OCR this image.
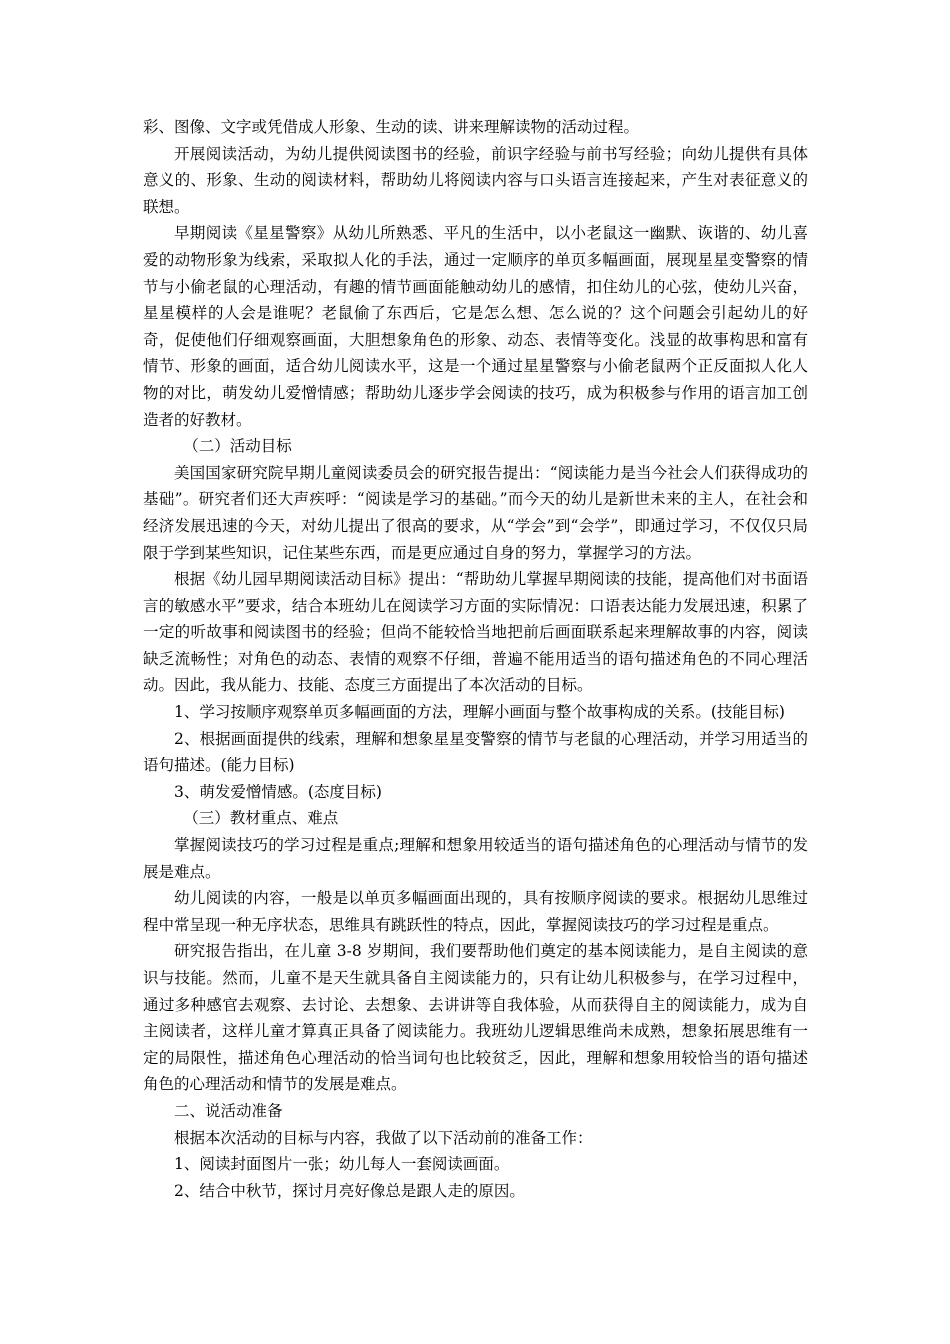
彩、图像、文字或凭借成人形象、生动的读、讲来理解读物的活动过程。

开展阅读活动，为幼儿提供阅读图书的经验，前识字经验与前书写经验；向幼儿提供有具体意义的、形象、生动的阅读材料，帮助幼儿将阅读内容与口头语言连接起来，产生对表征意义的联想。

早期阅读《星星警察》从幼儿所熟悉、平凡的生活中，以小老鼠这一幽默、诙谐的、幼儿喜爱的动物形象为线索，采取拟人化的手法，通过一定顺序的单页多幅画面，展现星星变警察的情节与小偷老鼠的心理活动，有趣的情节画面能触动幼儿的感情，扣住幼儿的心弦，使幼儿兴奋，星星模样的人会是谁呢？老鼠偷了东西后，它是怎么想、怎么说的？这个问题会引起幼儿的好奇，促使他们仔细观察画面，大胆想象角色的形象、动态、表情等变化。浅显的故事构思和富有情节、形象的画面，适合幼儿阅读水平，这是一个通过星星警察与小偷老鼠两个正反面拟人化人物的对比，萌发幼儿爱憎情感；帮助幼儿逐步学会阅读的技巧，成为积极参与作用的语言加工创造者的好教材。

（二）活动目标

美国国家研究院早期儿童阅读委员会的研究报告提出：“阅读能力是当今社会人们获得成功的基础”。研究者们还大声疾呼：“阅读是学习的基础。”而今天的幼儿是新世未来的主人，在社会和经济发展迅速的今天，对幼儿提出了很高的要求，从“学会”到“会学”，即通过学习，不仅仅只局限于学到某些知识，记住某些东西，而是更应通过自身的努力，掌握学习的方法。

根据《幼儿园早期阅读活动目标》提出：“帮助幼儿掌握早期阅读的技能，提高他们对书面语言的敏感水平”要求，结合本班幼儿在阅读学习方面的实际情况：口语表达能力发展迅速，积累了一定的听故事和阅读图书的经验；但尚不能较恰当地把前后画面联系起来理解故事的内容，阅读缺乏流畅性；对角色的动态、表情的观察不仔细，普遍不能用适当的语句描述角色的不同心理活动。因此，我从能力、技能、态度三方面提出了本次活动的目标。

1、学习按顺序观察单页多幅画面的方法，理解小画面与整个故事构成的关系。(技能目标)

2、根据画面提供的线索，理解和想象星星变警察的情节与老鼠的心理活动，并学习用适当的语句描述。(能力目标)

3、萌发爱憎情感。(态度目标)

（三）教材重点、难点

掌握阅读技巧的学习过程是重点;理解和想象用较适当的语句描述角色的心理活动与情节的发展是难点。

幼儿阅读的内容，一般是以单页多幅画面出现的，具有按顺序阅读的要求。根据幼儿思维过程中常呈现一种无序状态，思维具有跳跃性的特点，因此，掌握阅读技巧的学习过程是重点。

研究报告指出，在儿童 3-8 岁期间，我们要帮助他们奠定的基本阅读能力，是自主阅读的意识与技能。然而，儿童不是天生就具备自主阅读能力的，只有让幼儿积极参与，在学习过程中，通过多种感官去观察、去讨论、去想象、去讲讲等自我体验，从而获得自主的阅读能力，成为自主阅读者，这样儿童才算真正具备了阅读能力。我班幼儿逻辑思维尚未成熟，想象拓展思维有一定的局限性，描述角色心理活动的恰当词句也比较贫乏，因此，理解和想象用较恰当的语句描述角色的心理活动和情节的发展是难点。

二、说活动准备

根据本次活动的目标与内容，我做了以下活动前的准备工作：

1、阅读封面图片一张；幼儿每人一套阅读画面。

2、结合中秋节，探讨月亮好像总是跟人走的原因。
